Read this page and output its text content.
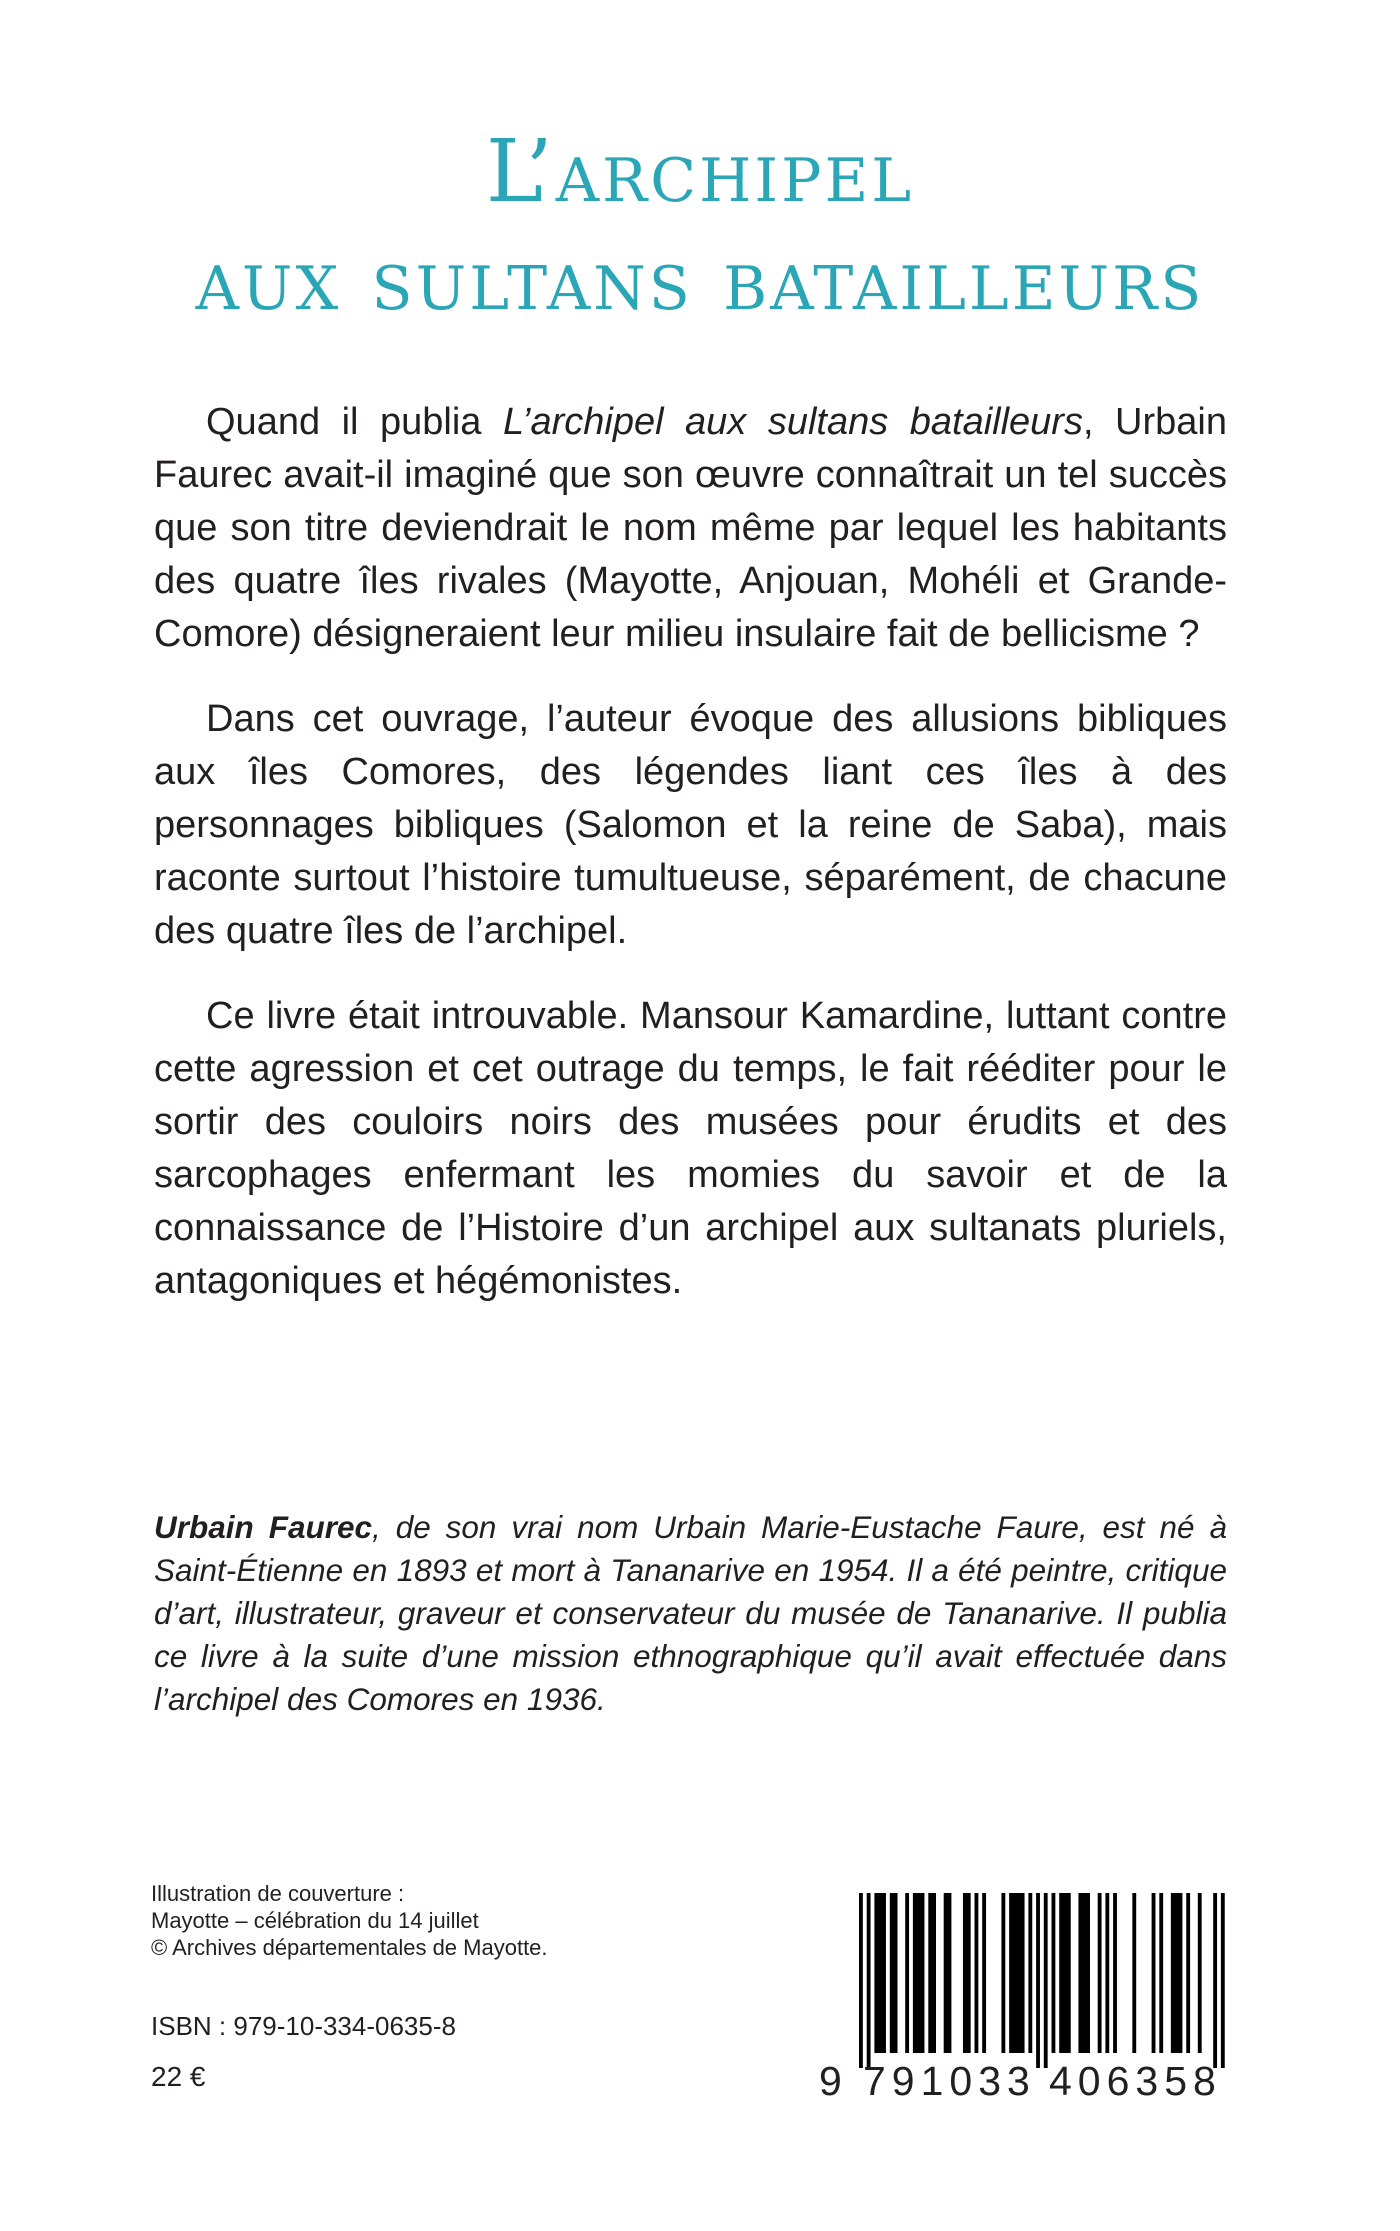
L’archipel
aux sultans batailleurs

Quand il publia L’archipel aux sultans batailleurs, Urbain Faurec avait-il imaginé que son œuvre connaîtrait un tel succès que son titre deviendrait le nom même par lequel les habitants des quatre îles rivales (Mayotte, Anjouan, Mohéli et Grande-Comore) désigneraient leur milieu insulaire fait de bellicisme ?

Dans cet ouvrage, l’auteur évoque des allusions bibliques aux îles Comores, des légendes liant ces îles à des personnages bibliques (Salomon et la reine de Saba), mais raconte surtout l’histoire tumultueuse, séparément, de chacune des quatre îles de l’archipel.

Ce livre était introuvable. Mansour Kamardine, luttant contre cette agression et cet outrage du temps, le fait rééditer pour le sortir des couloirs noirs des musées pour érudits et des sarcophages enfermant les momies du savoir et de la connaissance de l’Histoire d’un archipel aux sultanats pluriels, antagoniques et hégémonistes.

Urbain Faurec, de son vrai nom Urbain Marie-Eustache Faure, est né à Saint-Étienne en 1893 et mort à Tananarive en 1954. Il a été peintre, critique d’art, illustrateur, graveur et conservateur du musée de Tananarive. Il publia ce livre à la suite d’une mission ethnographique qu’il avait effectuée dans l’archipel des Comores en 1936.

Illustration de couverture :
Mayotte – célébration du 14 juillet
© Archives départementales de Mayotte.
ISBN : 979-10-334-0635-8
22 €	9 791033 406358
